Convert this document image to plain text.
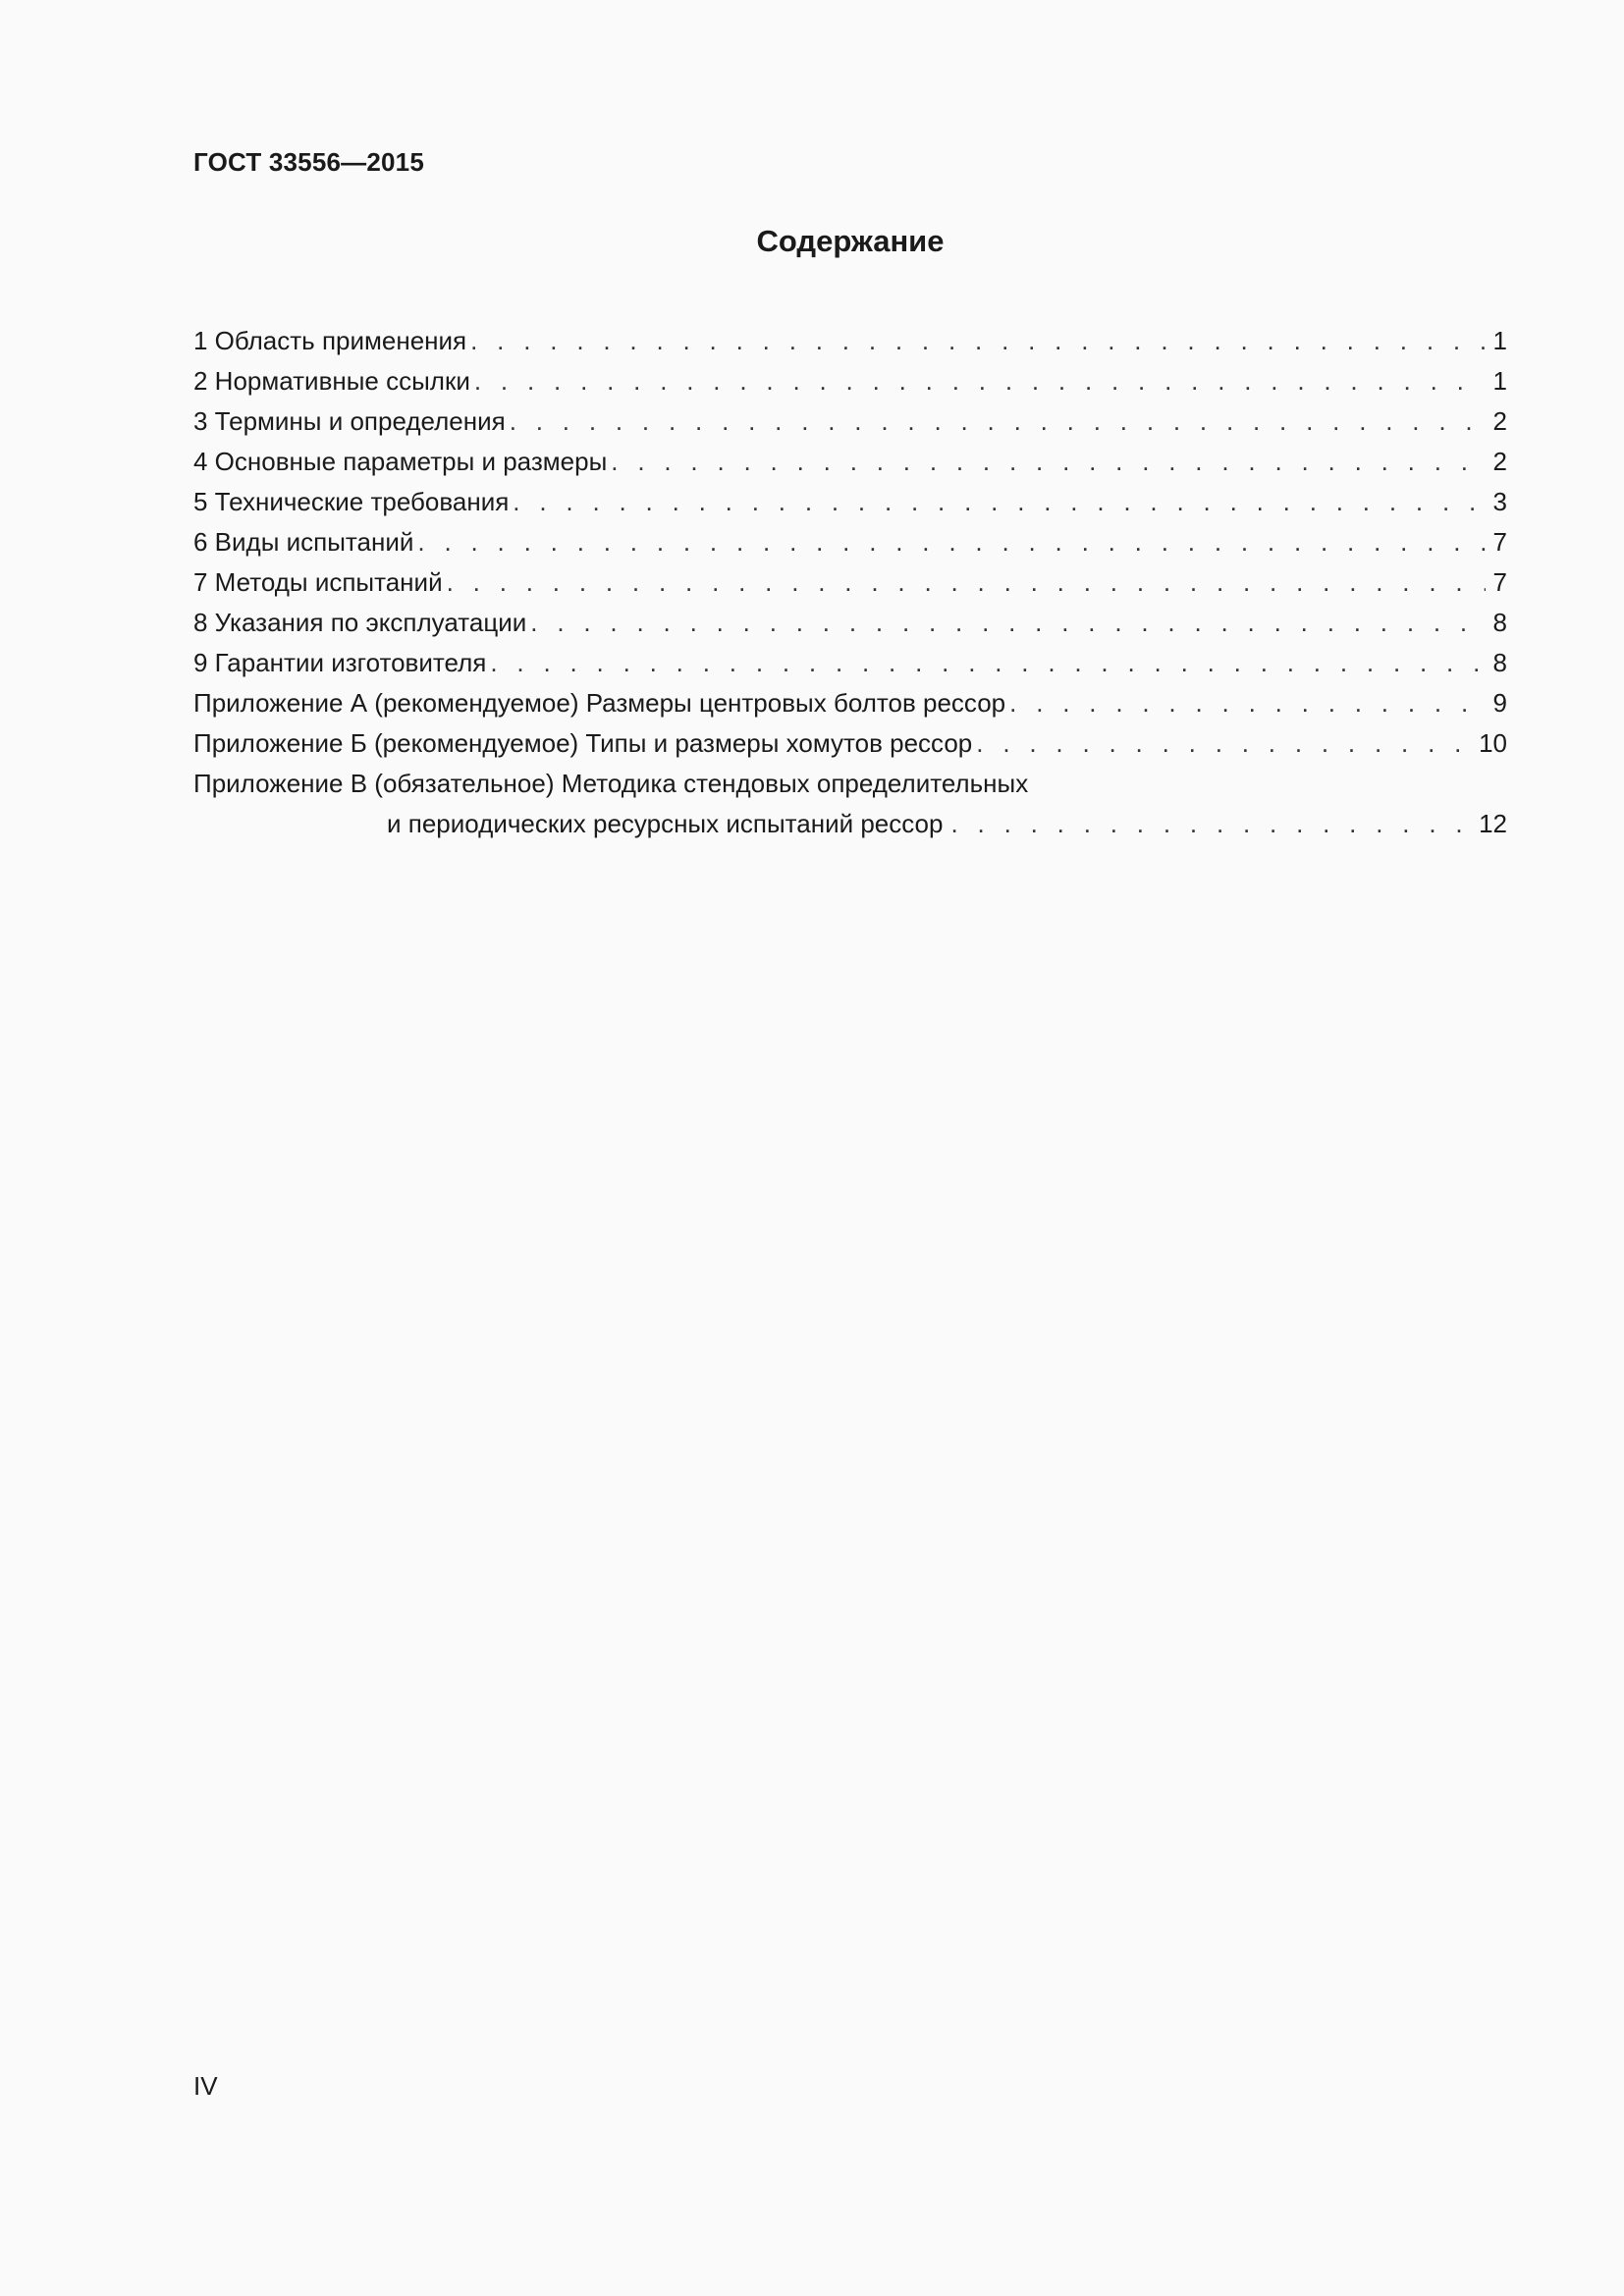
ГОСТ 33556—2015
Содержание
1 Область применения . . .	1
2 Нормативные ссылки . . .	1
3 Термины и определения . . .	2
4 Основные параметры и размеры . . .	2
5 Технические требования . . .	3
6 Виды испытаний . . .	7
7 Методы испытаний . . .	7
8 Указания по эксплуатации . . .	8
9 Гарантии изготовителя . . .	8
Приложение А (рекомендуемое) Размеры центровых болтов рессор . . .	9
Приложение Б (рекомендуемое) Типы и размеры хомутов рессор . . .	10
Приложение В (обязательное) Методика стендовых определительных
и периодических ресурсных испытаний рессор . . .	12
IV
